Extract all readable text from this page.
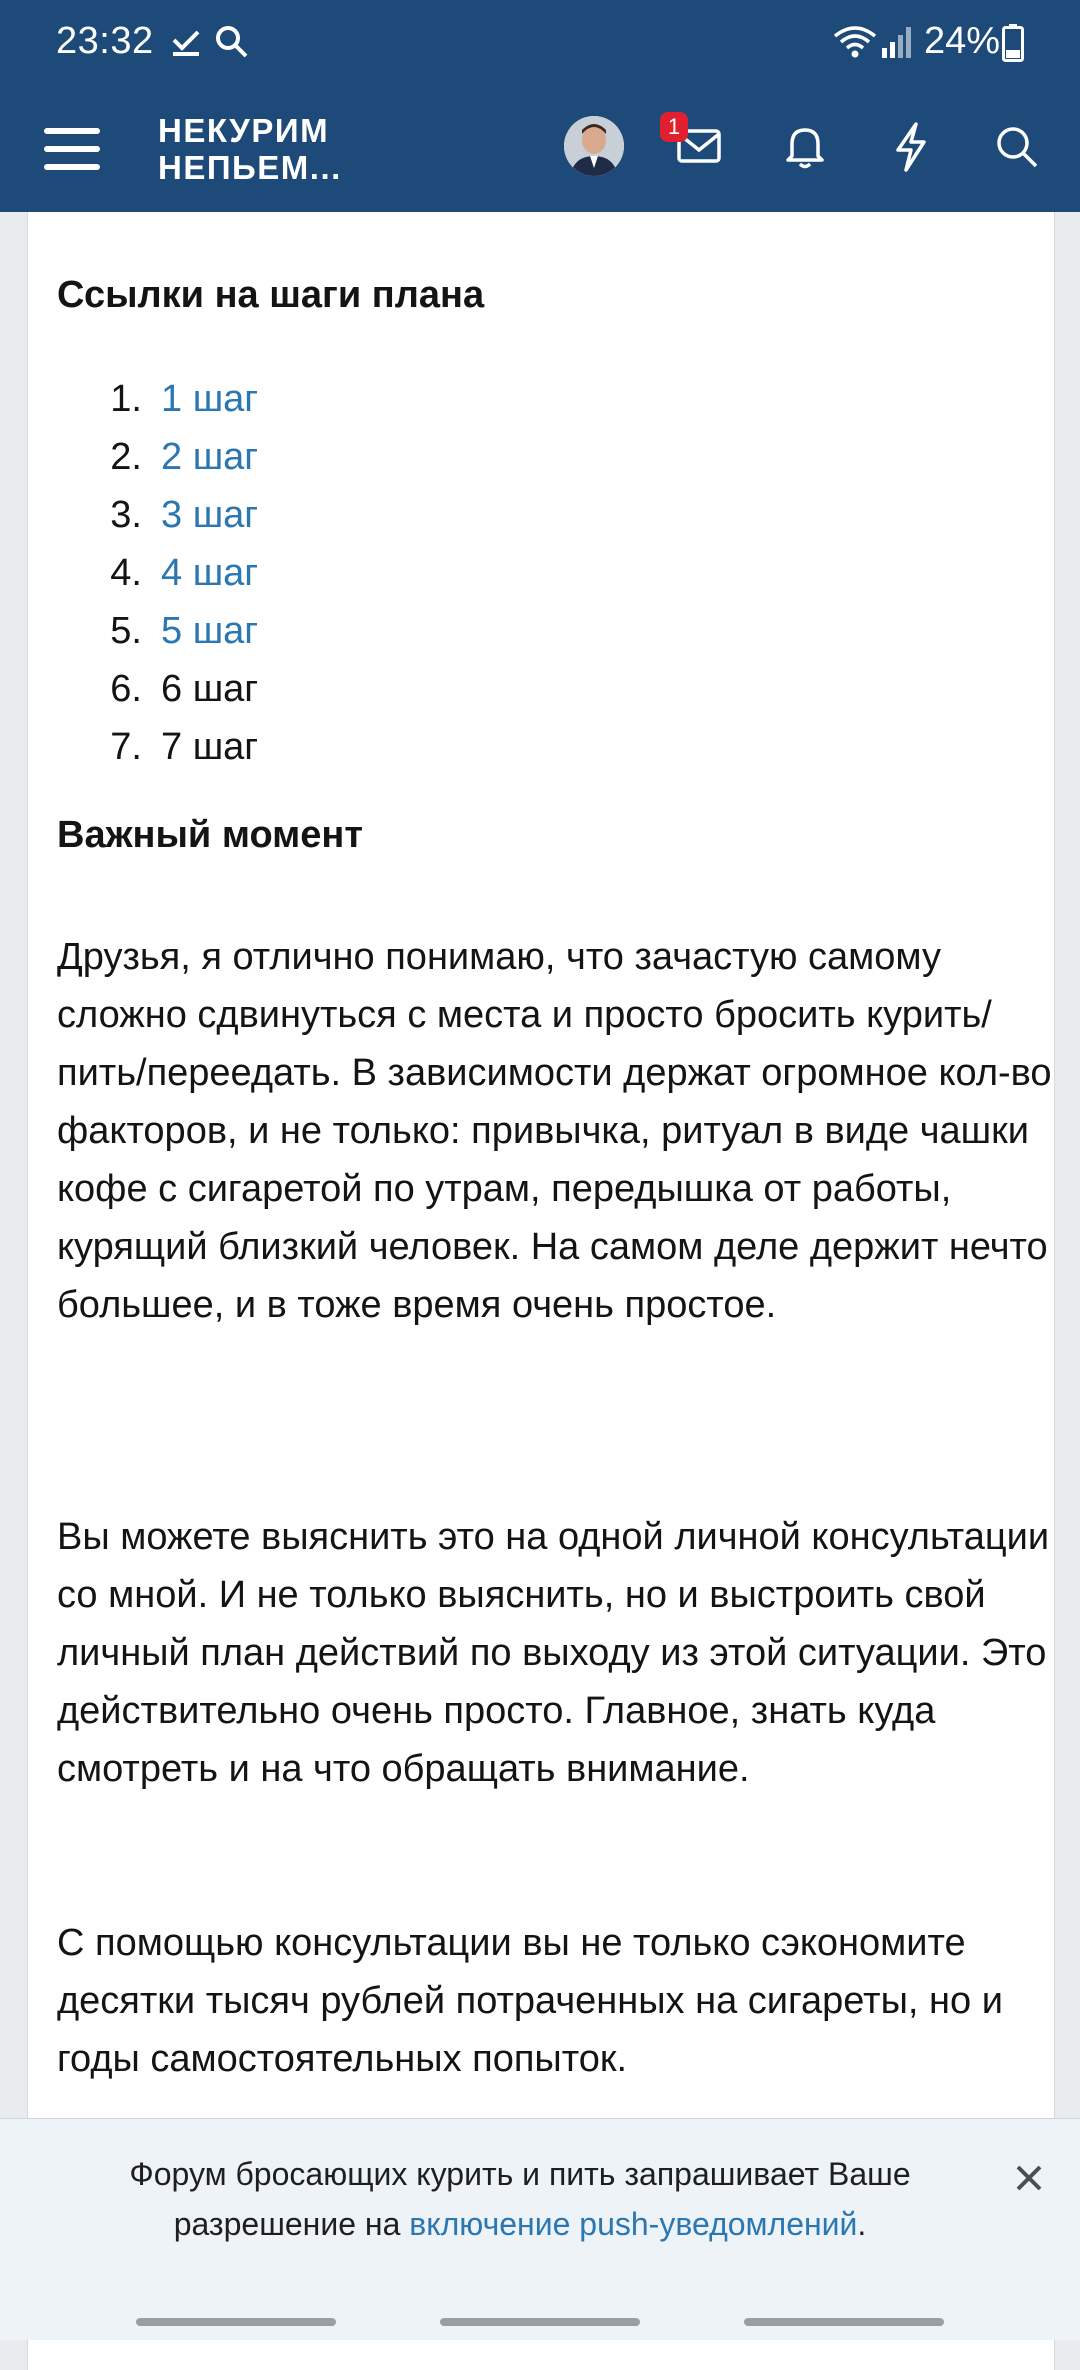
23:32	24%
НЕКУРИМ
НЕПЬЕМ...
1
Ссылки на шаги плана
1. 1 шаг
2. 2 шаг
3. 3 шаг
4. 4 шаг
5. 5 шаг
6. 6 шаг
7. 7 шаг
Важный момент

Друзья, я отлично понимаю, что зачастую самому сложно сдвинуться с места и просто бросить курить/пить/переедать. В зависимости держат огромное кол-во факторов, и не только: привычка, ритуал в виде чашки кофе с сигаретой по утрам, передышка от работы, курящий близкий человек. На самом деле держит нечто большее, и в тоже время очень простое.

Вы можете выяснить это на одной личной консультации со мной. И не только выяснить, но и выстроить свой личный план действий по выходу из этой ситуации. Это действительно очень просто. Главное, знать куда смотреть и на что обращать внимание.

С помощью консультации вы не только сэкономите десятки тысяч рублей потраченных на сигареты, но и годы самостоятельных попыток.

Форум бросающих курить и пить запрашивает Ваше разрешение на включение push-уведомлений.
